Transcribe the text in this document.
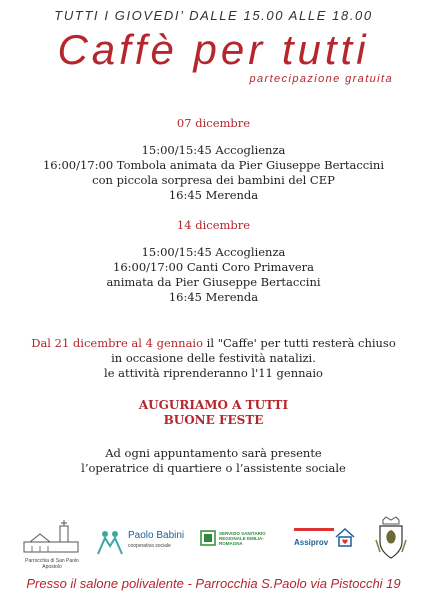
TUTTI I GIOVEDI’ DALLE 15.00 ALLE 18.00
Caffè per tutti
partecipazione gratuita
07 dicembre
15:00/15:45 Accoglienza
16:00/17:00 Tombola animata da Pier Giuseppe Bertaccini
con piccola sorpresa dei bambini del CEP
16:45 Merenda
14 dicembre
15:00/15:45 Accoglienza
16:00/17:00 Canti Coro Primavera
animata da Pier Giuseppe Bertaccini
16:45 Merenda
Dal 21 dicembre al 4 gennaio il "Caffe' per tutti resterà chiuso
in occasione delle festività natalizi.
le attività riprenderanno l'11 gennaio
AUGURIAMO A TUTTI
BUONE FESTE
Ad ogni appuntamento sarà presente
l’operatrice di quartiere o l’assistente sociale
Parrocchia di San Paolo Apostolo
Paolo Babini
cooperativa sociale
SERVIZIO SANITARIO REGIONALE EMILIA-ROMAGNA	Assiprov
Presso il salone polivalente - Parrocchia S.Paolo via Pistocchi 19
